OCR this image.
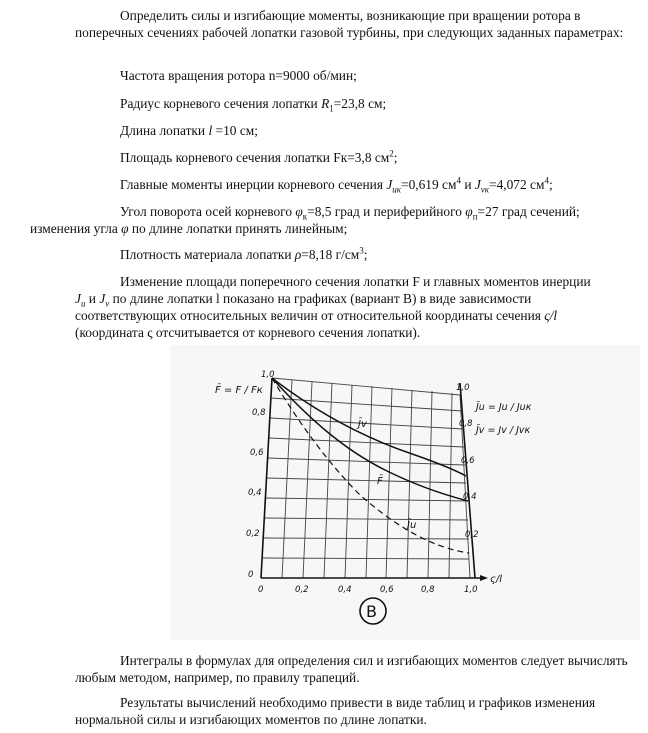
Определить силы и изгибающие моменты, возникающие при вращении ротора в поперечных сечениях рабочей лопатки газовой турбины, при следующих заданных параметрах:

Частота вращения ротора n=9000 об/мин;

Радиус корневого сечения лопатки $R_1=23,8$ см;

Длина лопатки l =10 см;

Площадь корневого сечения лопатки Fк=3,8 $см^2$;

Главные моменты инерции корневого сечения $J_{uк}=0,619$ $см^4$ и $J_{vк}=4,072$ $см^4$;

Угол поворота осей корневого $\varphi_к=8,5$ град и периферийного $\varphi_п=27$ град сечений;
изменения угла φ по длине лопатки принять линейным;

Плотность материала лопатки ρ=8,18 $г/см^3$;

Изменение площади поперечного сечения лопатки F и главных моментов инерции
$J_u$ и $J_v$ по длине лопатки l показано на графиках (вариант В) в виде зависимости
соответствующих относительных величин от относительной координаты сечения ς/l
(координата ς отсчитывается от корневого сечения лопатки).

1,0
0,8
0,6
0,4
0,2
0
1,0
0,8
0,6
0,4
0,2
0	0,2	0,4	0,6	0,8	1,0
ς/l
J̄v
F̄
J̄u
F̄ = F / Fк
J̄u = Ju / Juк
J̄v = Jv / Jvк
B

Интегралы в формулах для определения сил и изгибающих моментов следует вычислять любым методом, например, по правилу трапеций.

Результаты вычислений необходимо привести в виде таблиц и графиков изменения нормальной силы и изгибающих моментов по длине лопатки.
